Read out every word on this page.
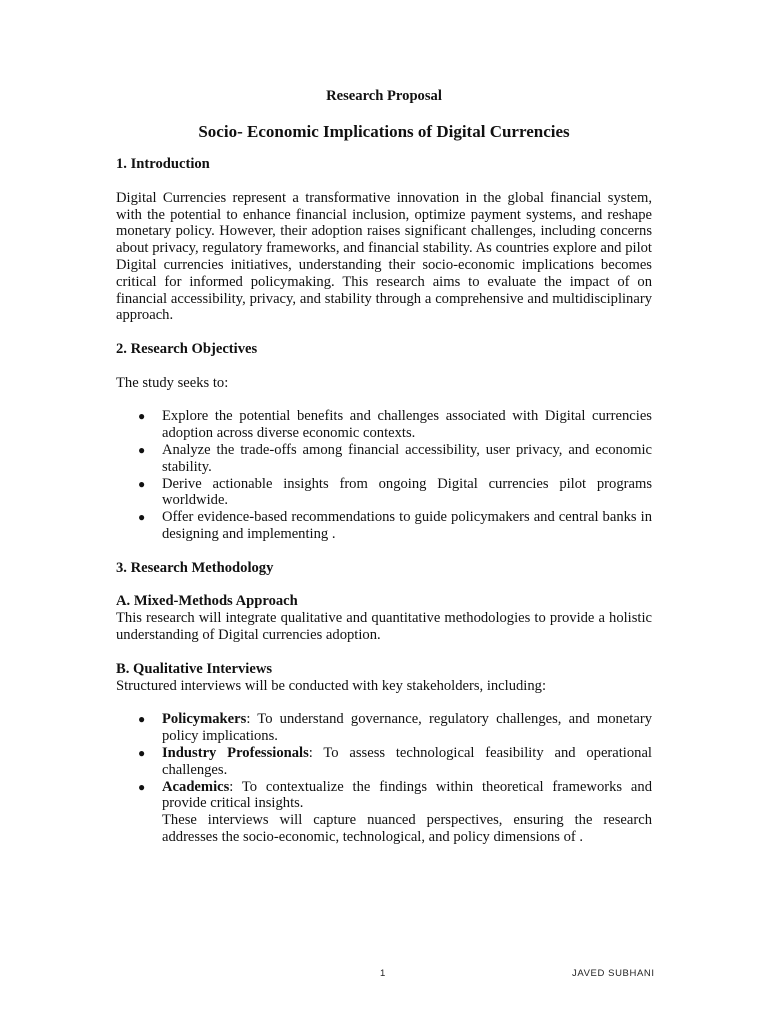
Research Proposal

Socio- Economic Implications of Digital Currencies

1. Introduction

Digital Currencies represent a transformative innovation in the global financial system, with the potential to enhance financial inclusion, optimize payment systems, and reshape monetary policy. However, their adoption raises significant challenges, including concerns about privacy, regulatory frameworks, and financial stability. As countries explore and pilot Digital currencies initiatives, understanding their socio-economic implications becomes critical for informed policymaking. This research aims to evaluate the impact of on financial accessibility, privacy, and stability through a comprehensive and multidisciplinary approach.

2. Research Objectives

The study seeks to:

● Explore the potential benefits and challenges associated with Digital currencies adoption across diverse economic contexts.
● Analyze the trade-offs among financial accessibility, user privacy, and economic stability.
● Derive actionable insights from ongoing Digital currencies pilot programs worldwide.
● Offer evidence-based recommendations to guide policymakers and central banks in designing and implementing .
3. Research Methodology
A. Mixed-Methods Approach

This research will integrate qualitative and quantitative methodologies to provide a holistic understanding of Digital currencies adoption.

B. Qualitative Interviews

Structured interviews will be conducted with key stakeholders, including:

● Policymakers: To understand governance, regulatory challenges, and monetary policy implications.
● Industry Professionals: To assess technological feasibility and operational challenges.
● Academics: To contextualize the findings within theoretical frameworks and provide critical insights.

These interviews will capture nuanced perspectives, ensuring the research addresses the socio-economic, technological, and policy dimensions of .

1	JAVED SUBHANI
